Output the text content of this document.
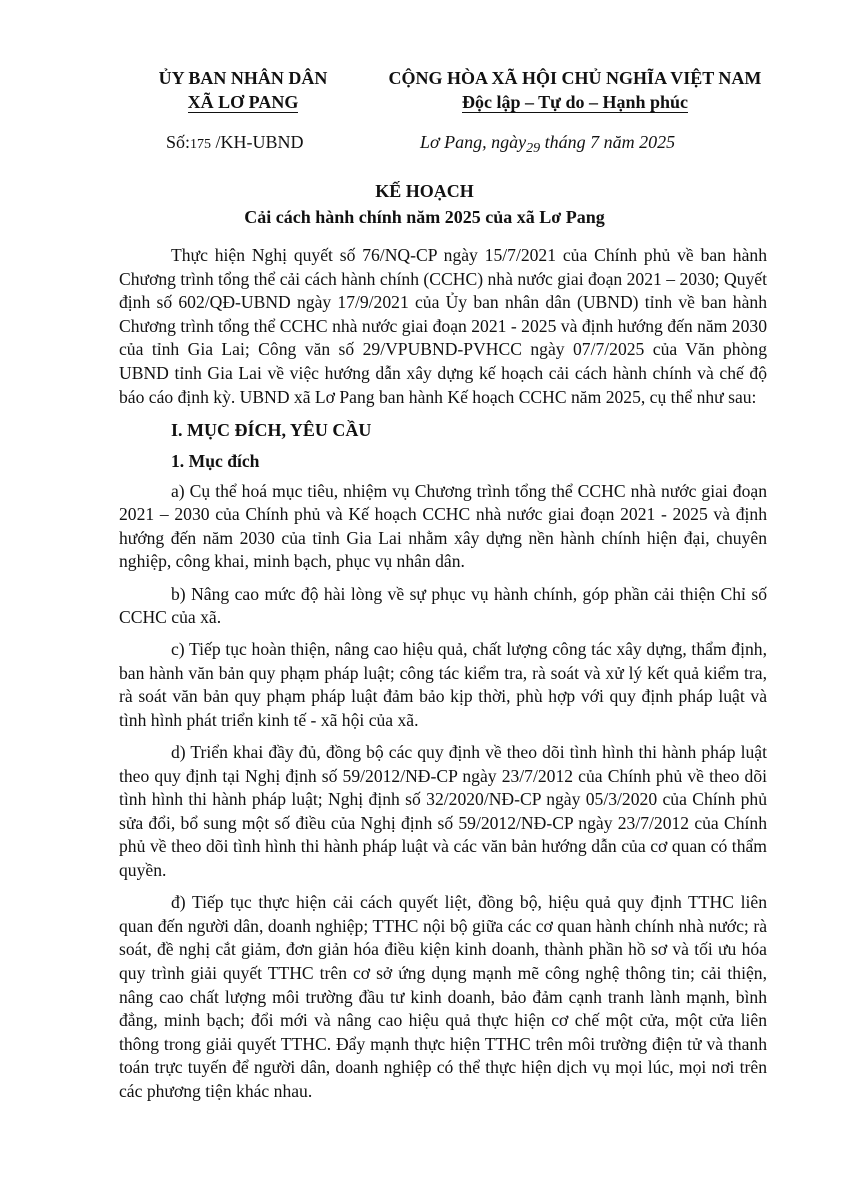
ỦY BAN NHÂN DÂN
XÃ LƠ PANG
CỘNG HÒA XÃ HỘI CHỦ NGHĨA VIỆT NAM
Độc lập – Tự do – Hạnh phúc
Số:175 /KH-UBND	Lơ Pang, ngày$_{29}$ tháng 7 năm 2025
KẾ HOẠCH
Cải cách hành chính năm 2025 của xã Lơ Pang

Thực hiện Nghị quyết số 76/NQ-CP ngày 15/7/2021 của Chính phủ về ban hành Chương trình tổng thể cải cách hành chính (CCHC) nhà nước giai đoạn 2021 – 2030; Quyết định số 602/QĐ-UBND ngày 17/9/2021 của Ủy ban nhân dân (UBND) tỉnh về ban hành Chương trình tổng thể CCHC nhà nước giai đoạn 2021 - 2025 và định hướng đến năm 2030 của tỉnh Gia Lai; Công văn số 29/VPUBND-PVHCC ngày 07/7/2025 của Văn phòng UBND tỉnh Gia Lai về việc hướng dẫn xây dựng kế hoạch cải cách hành chính và chế độ báo cáo định kỳ. UBND xã Lơ Pang ban hành Kế hoạch CCHC năm 2025, cụ thể như sau:

I. MỤC ĐÍCH, YÊU CẦU
1. Mục đích

a) Cụ thể hoá mục tiêu, nhiệm vụ Chương trình tổng thể CCHC nhà nước giai đoạn 2021 – 2030 của Chính phủ và Kế hoạch CCHC nhà nước giai đoạn 2021 - 2025 và định hướng đến năm 2030 của tỉnh Gia Lai nhằm xây dựng nền hành chính hiện đại, chuyên nghiệp, công khai, minh bạch, phục vụ nhân dân.

b) Nâng cao mức độ hài lòng về sự phục vụ hành chính, góp phần cải thiện Chỉ số CCHC của xã.

c) Tiếp tục hoàn thiện, nâng cao hiệu quả, chất lượng công tác xây dựng, thẩm định, ban hành văn bản quy phạm pháp luật; công tác kiểm tra, rà soát và xử lý kết quả kiểm tra, rà soát văn bản quy phạm pháp luật đảm bảo kịp thời, phù hợp với quy định pháp luật và tình hình phát triển kinh tế - xã hội của xã.

d) Triển khai đầy đủ, đồng bộ các quy định về theo dõi tình hình thi hành pháp luật theo quy định tại Nghị định số 59/2012/NĐ-CP ngày 23/7/2012 của Chính phủ về theo dõi tình hình thi hành pháp luật; Nghị định số 32/2020/NĐ-CP ngày 05/3/2020 của Chính phủ sửa đổi, bổ sung một số điều của Nghị định số 59/2012/NĐ-CP ngày 23/7/2012 của Chính phủ về theo dõi tình hình thi hành pháp luật và các văn bản hướng dẫn của cơ quan có thẩm quyền.

đ) Tiếp tục thực hiện cải cách quyết liệt, đồng bộ, hiệu quả quy định TTHC liên quan đến người dân, doanh nghiệp; TTHC nội bộ giữa các cơ quan hành chính nhà nước; rà soát, đề nghị cắt giảm, đơn giản hóa điều kiện kinh doanh, thành phần hồ sơ và tối ưu hóa quy trình giải quyết TTHC trên cơ sở ứng dụng mạnh mẽ công nghệ thông tin; cải thiện, nâng cao chất lượng môi trường đầu tư kinh doanh, bảo đảm cạnh tranh lành mạnh, bình đẳng, minh bạch; đổi mới và nâng cao hiệu quả thực hiện cơ chế một cửa, một cửa liên thông trong giải quyết TTHC. Đẩy mạnh thực hiện TTHC trên môi trường điện tử và thanh toán trực tuyến để người dân, doanh nghiệp có thể thực hiện dịch vụ mọi lúc, mọi nơi trên các phương tiện khác nhau.
